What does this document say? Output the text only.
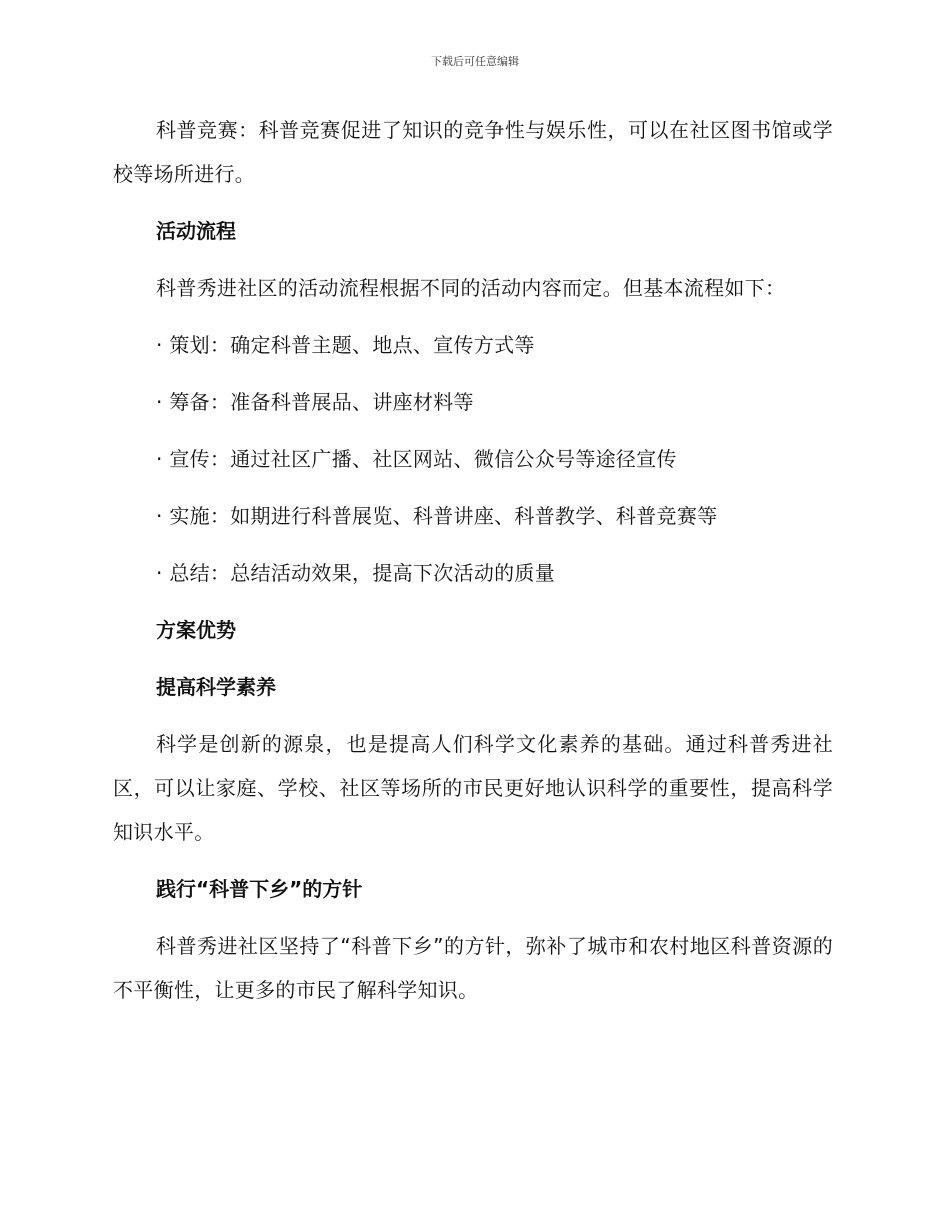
下载后可任意编辑

科普竞赛：科普竞赛促进了知识的竞争性与娱乐性，可以在社区图书馆或学校等场所进行。

活动流程

科普秀进社区的活动流程根据不同的活动内容而定。但基本流程如下：

· 策划：确定科普主题、地点、宣传方式等
· 筹备：准备科普展品、讲座材料等
· 宣传：通过社区广播、社区网站、微信公众号等途径宣传
· 实施：如期进行科普展览、科普讲座、科普教学、科普竞赛等
· 总结：总结活动效果，提高下次活动的质量
方案优势
提高科学素养

科学是创新的源泉，也是提高人们科学文化素养的基础。通过科普秀进社区，可以让家庭、学校、社区等场所的市民更好地认识科学的重要性，提高科学知识水平。

践行“科普下乡”的方针

科普秀进社区坚持了“科普下乡”的方针，弥补了城市和农村地区科普资源的不平衡性，让更多的市民了解科学知识。
